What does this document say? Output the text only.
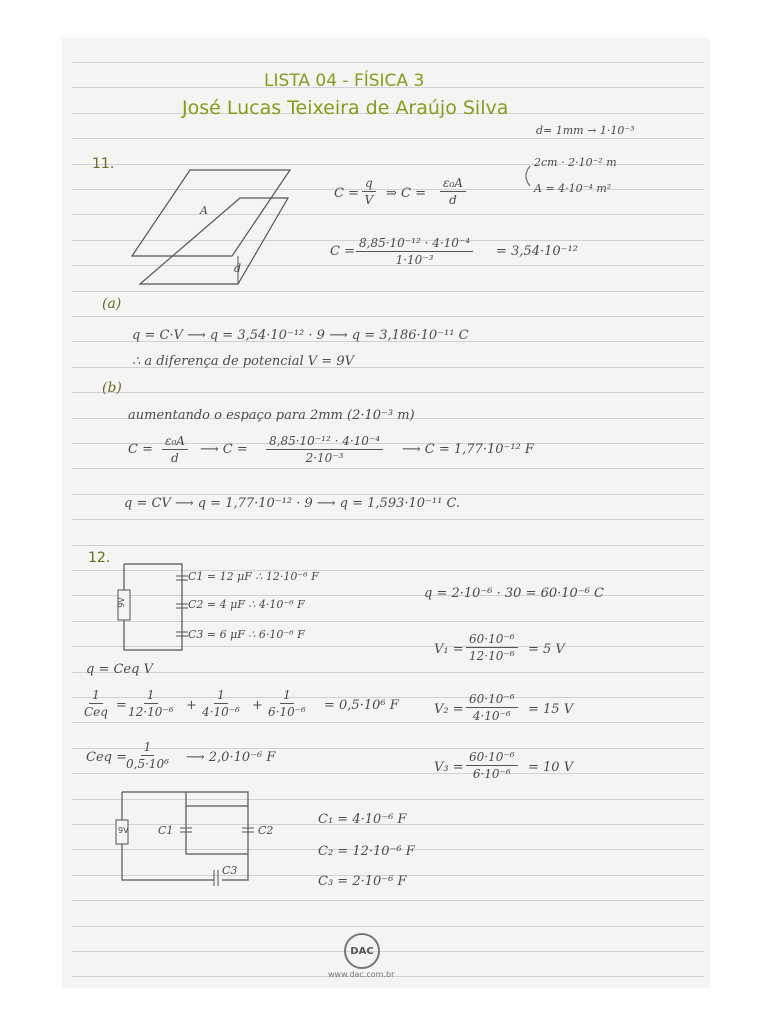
LISTA 04 - FÍSICA 3
José Lucas Teixeira de Araújo Silva
11.
A
d
d= 1mm → 1·10⁻³
2cm · 2·10⁻² m
A = 4·10⁻⁴ m²
$C = \frac{q}{V}$ ⇒ $C = \frac{\text{ε₀A}}{d}$
$C = \frac{\text{8,85·10⁻¹² · 4·10⁻⁴}}{\text{1·10⁻³}} = 3,54\cdot 10^{-12}$
(a)
q = C·V ⟶ q = 3,54·10⁻¹² · 9 ⟶ q = 3,186·10⁻¹¹ C
∴ a diferença de potencial V = 9V
(b)
aumentando o espaço para 2mm (2·10⁻³ m)
$C = \frac{\text{ε₀A}}{d}$ ⟶ $C = \frac{\text{8,85·10⁻¹² · 4·10⁻⁴}}{\text{2·10⁻³}}$ ⟶ C = 1,77·10⁻¹² F
q = CV ⟶ q = 1,77·10⁻¹² · 9 ⟶ q = 1,593·10⁻¹¹ C.
12.
9V
C1 = 12 μF ∴ 12·10⁻⁶ F
C2 = 4 μF ∴ 4·10⁻⁶ F
C3 = 6 μF ∴ 6·10⁻⁶ F
q = Ceq V
1
Ceq = $\frac{1}{\text{12·10⁻⁶}} + \frac{1}{\text{4·10⁻⁶}} + \frac{1}{\text{6·10⁻⁶}} = 0,5\cdot 10^6$ F
Ceq = $\frac{1}{\text{0,5·10⁶}}$ ⟶ 2,0·10⁻⁶ F
q = 2·10⁻⁶ · 30 = 60·10⁻⁶ C
$V_1 = \frac{\text{60·10⁻⁶}}{\text{12·10⁻⁶}} = 5$ V
$V_2 = \frac{\text{60·10⁻⁶}}{\text{4·10⁻⁶}} = 15$ V
$V_3 = \frac{\text{60·10⁻⁶}}{\text{6·10⁻⁶}} = 10$ V
9V	C1	C2
C3
C₁ = 4·10⁻⁶ F
C₂ = 12·10⁻⁶ F
C₃ = 2·10⁻⁶ F
DAC
www.dac.com.br
